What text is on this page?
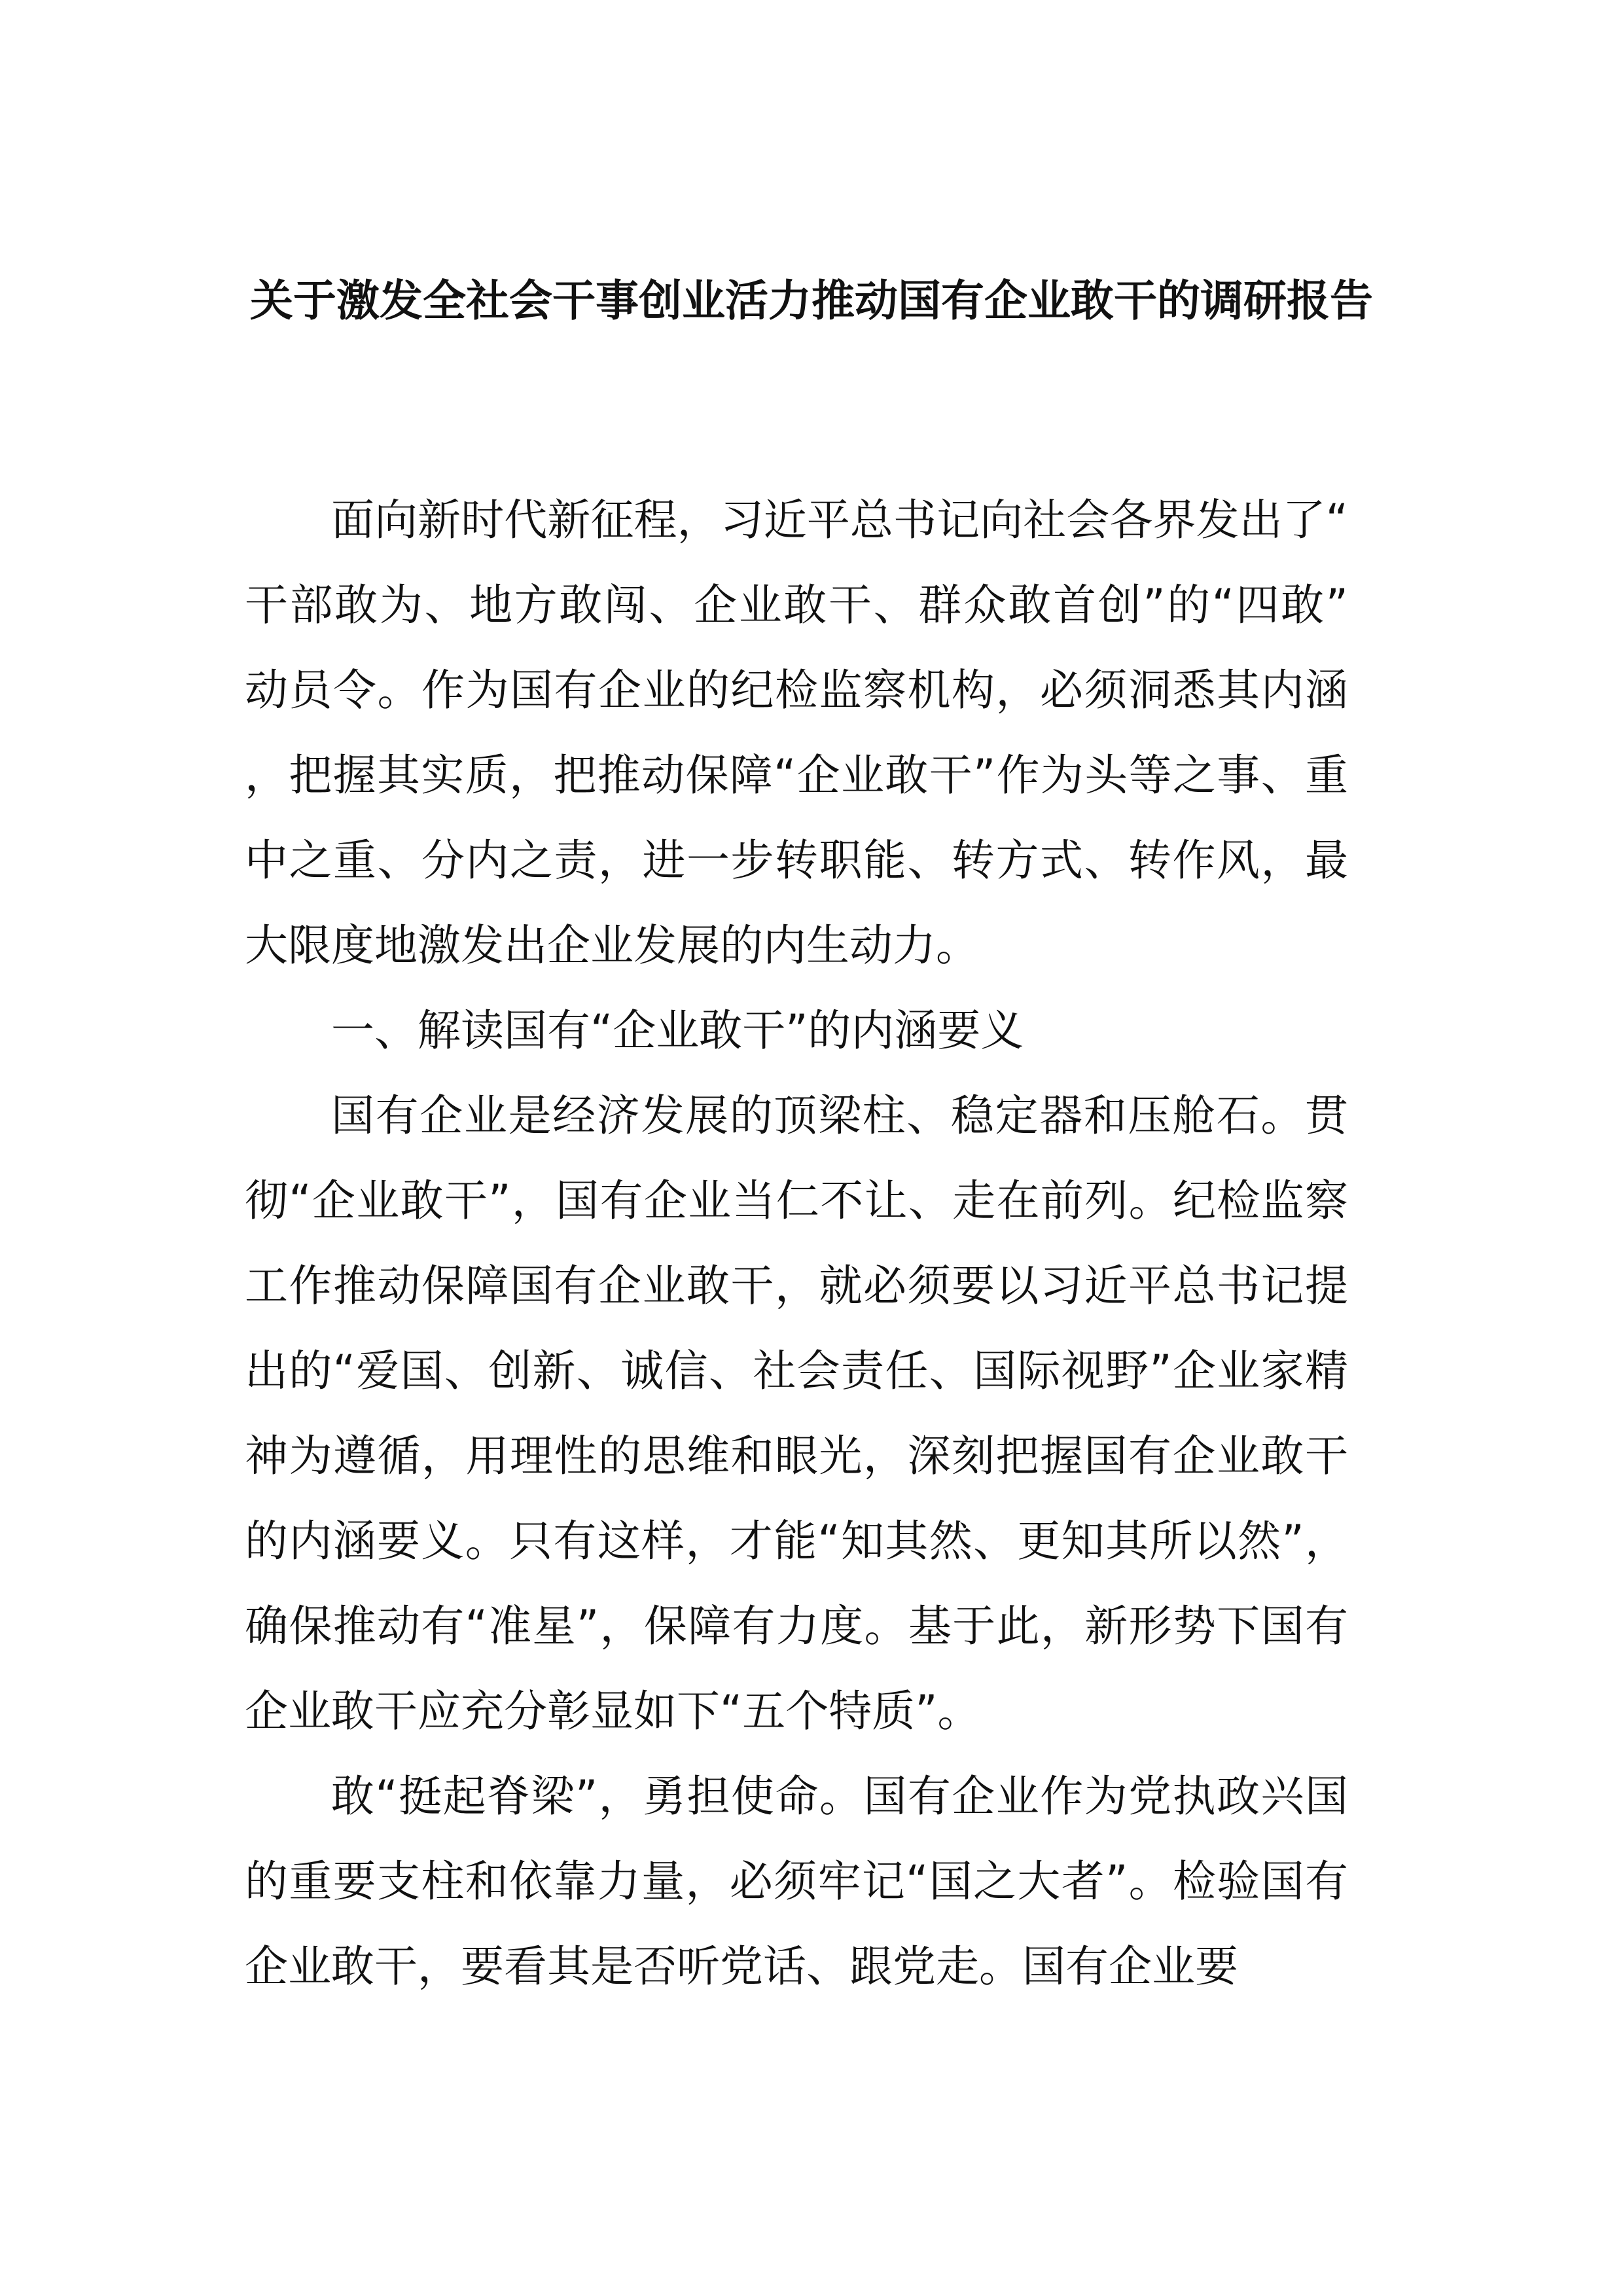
关于激发全社会干事创业活力推动国有企业敢干的调研报告

面向新时代新征程，习近平总书记向社会各界发出了“干部敢为、地方敢闯、企业敢干、群众敢首创”的“四敢”动员令。作为国有企业的纪检监察机构，必须洞悉其内涵，把握其实质，把推动保障“企业敢干”作为头等之事、重中之重、分内之责，进一步转职能、转方式、转作风，最大限度地激发出企业发展的内生动力。

一、解读国有“企业敢干”的内涵要义

国有企业是经济发展的顶梁柱、稳定器和压舱石。贯彻“企业敢干”，国有企业当仁不让、走在前列。纪检监察工作推动保障国有企业敢干，就必须要以习近平总书记提出的“爱国、创新、诚信、社会责任、国际视野”企业家精神为遵循，用理性的思维和眼光，深刻把握国有企业敢干的内涵要义。只有这样，才能“知其然、更知其所以然”，确保推动有“准星”，保障有力度。基于此，新形势下国有企业敢干应充分彰显如下“五个特质”。

敢“挺起脊梁”，勇担使命。国有企业作为党执政兴国的重要支柱和依靠力量，必须牢记“国之大者”。检验国有企业敢干，要看其是否听党话、跟党走。国有企业要
